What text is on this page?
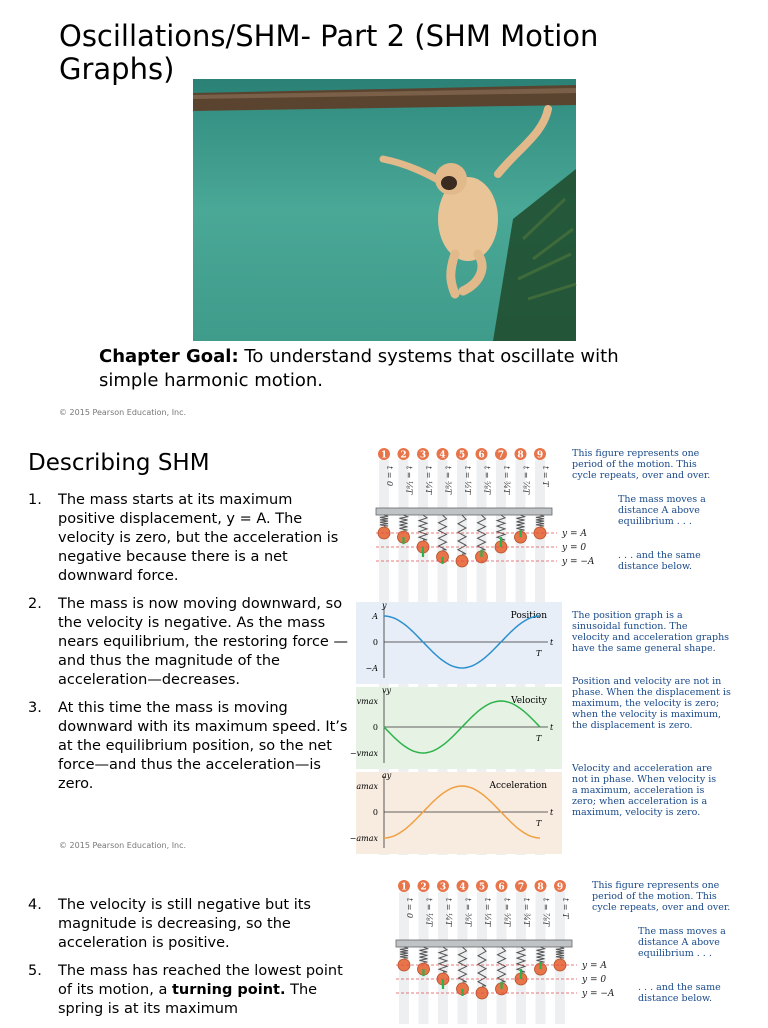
Oscillations/SHM- Part 2 (SHM Motion Graphs)
Chapter Goal: To understand systems that oscillate with simple harmonic motion.
© 2015 Pearson Education, Inc.
Describing SHM
1. The mass starts at its maximum positive displacement, y = A. The velocity is zero, but the acceleration is negative because there is a net downward force.
2. The mass is now moving downward, so the velocity is negative. As the mass nears equilibrium, the restoring force —and thus the magnitude of the acceleration—decreases.
3. At this time the mass is moving downward with its maximum speed. It’s at the equilibrium position, so the net force—and thus the acceleration—is zero.
© 2015 Pearson Education, Inc.
1 2 3 4 5 6 7 8 9
t = 0 t = ⅛T t = ¼T t = ⅜T t = ½T t = ⅝T t = ¾T t = ⅞T t = T
y = A
y = 0
y = −A
This figure represents one
period of the motion. This
cycle repeats, over and over.
The mass moves a
distance A above
equilibrium . . .
. . . and the same
distance below.
y
t
T
Position
A
0
−A
vy
t
T
Velocity
vmax
0
−vmax
ay
t
T
Acceleration
amax
0
−amax
The position graph is a
sinusoidal function. The
velocity and acceleration graphs
have the same general shape.
Position and velocity are not in
phase. When the displacement is
maximum, the velocity is zero;
when the velocity is maximum,
the displacement is zero.
Velocity and acceleration are
not in phase. When velocity is
a maximum, acceleration is
zero; when acceleration is a
maximum, velocity is zero.
4. The velocity is still negative but its magnitude is decreasing, so the acceleration is positive.
5. The mass has reached the lowest point of its motion, a turning point. The spring is at its maximum
1 2 3 4 5 6 7 8 9
t = 0 t = ⅛T t = ¼T t = ⅜T t = ½T t = ⅝T t = ¾T t = ⅞T t = T
y = A
y = 0
y = −A
This figure represents one
period of the motion. This
cycle repeats, over and over.
The mass moves a
distance A above
equilibrium . . .
. . . and the same
distance below.
